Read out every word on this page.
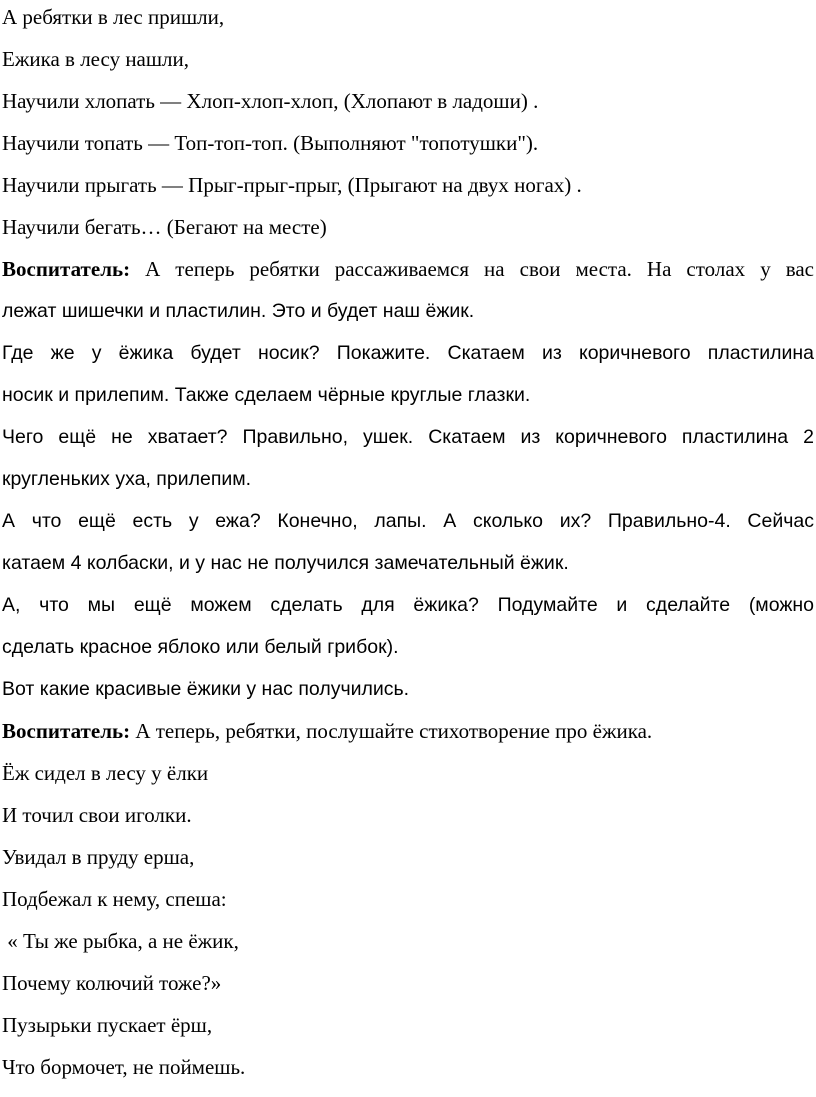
А ребятки в лес пришли,
Ежика в лесу нашли,
Научили хлопать — Хлоп-хлоп-хлоп, (Хлопают в ладоши) .
Научили топать — Топ-топ-топ. (Выполняют "топотушки").
Научили прыгать — Прыг-прыг-прыг, (Прыгают на двух ногах) .
Научили бегать… (Бегают на месте)
Воспитатель: А теперь ребятки рассаживаемся на свои места. На столах у вас
лежат шишечки и пластилин. Это и будет наш ёжик.
Где же у ёжика будет носик? Покажите. Скатаем из коричневого пластилина
носик и прилепим. Также сделаем чёрные круглые глазки.
Чего ещё не хватает? Правильно, ушек. Скатаем из коричневого пластилина 2
кругленьких уха, прилепим.
А что ещё есть у ежа? Конечно, лапы. А сколько их? Правильно-4. Сейчас
катаем 4 колбаски, и у нас не получился замечательный ёжик.
А, что мы ещё можем сделать для ёжика? Подумайте и сделайте (можно
сделать красное яблоко или белый грибок).
Вот какие красивые ёжики у нас получились.
Воспитатель: А теперь, ребятки, послушайте стихотворение про ёжика.
Ёж сидел в лесу у ёлки
И точил свои иголки.
Увидал в пруду ерша,
Подбежал к нему, спеша:
« Ты же рыбка, а не ёжик,
Почему колючий тоже?»
Пузырьки пускает ёрш,
Что бормочет, не поймешь.
